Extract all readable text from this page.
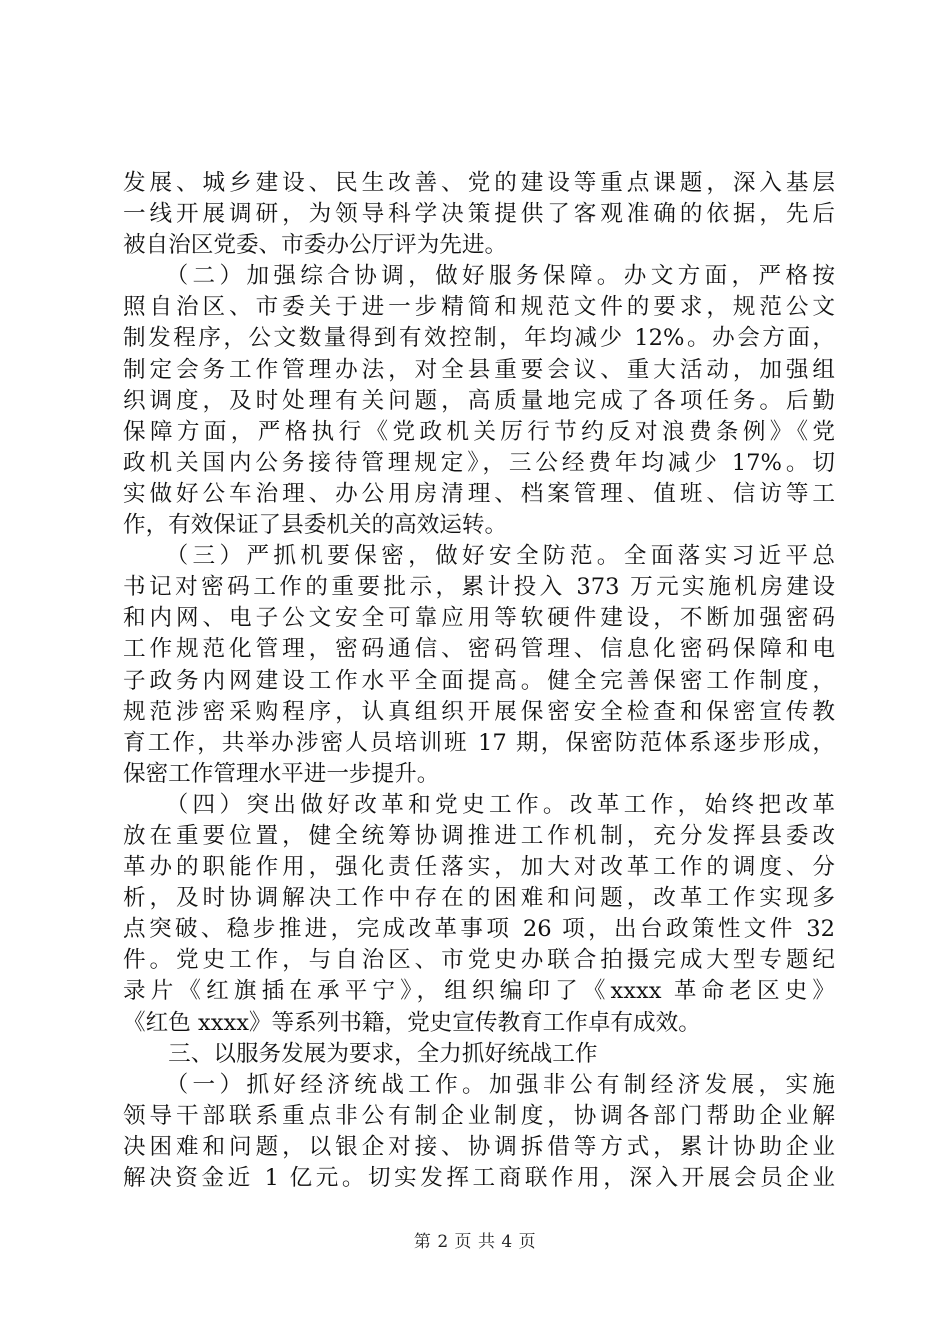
发展、城乡建设、民生改善、党的建设等重点课题，深入基层
一线开展调研，为领导科学决策提供了客观准确的依据，先后
被自治区党委、市委办公厅评为先进。
　　（二）加强综合协调，做好服务保障。办文方面，严格按
照自治区、市委关于进一步精简和规范文件的要求，规范公文
制发程序，公文数量得到有效控制，年均减少 12%。办会方面，
制定会务工作管理办法，对全县重要会议、重大活动，加强组
织调度，及时处理有关问题，高质量地完成了各项任务。后勤
保障方面，严格执行《党政机关厉行节约反对浪费条例》《党
政机关国内公务接待管理规定》，三公经费年均减少 17%。切
实做好公车治理、办公用房清理、档案管理、值班、信访等工
作，有效保证了县委机关的高效运转。
　　（三）严抓机要保密，做好安全防范。全面落实习近平总
书记对密码工作的重要批示，累计投入 373 万元实施机房建设
和内网、电子公文安全可靠应用等软硬件建设，不断加强密码
工作规范化管理，密码通信、密码管理、信息化密码保障和电
子政务内网建设工作水平全面提高。健全完善保密工作制度，
规范涉密采购程序，认真组织开展保密安全检查和保密宣传教
育工作，共举办涉密人员培训班 17 期，保密防范体系逐步形成，
保密工作管理水平进一步提升。
　　（四）突出做好改革和党史工作。改革工作，始终把改革
放在重要位置，健全统筹协调推进工作机制，充分发挥县委改
革办的职能作用，强化责任落实，加大对改革工作的调度、分
析，及时协调解决工作中存在的困难和问题，改革工作实现多
点突破、稳步推进，完成改革事项 26 项，出台政策性文件 32
件。党史工作，与自治区、市党史办联合拍摄完成大型专题纪
录片《红旗插在承平宁》，组织编印了《xxxx 革命老区史》
《红色 xxxx》等系列书籍，党史宣传教育工作卓有成效。
　　三、以服务发展为要求，全力抓好统战工作
　　（一）抓好经济统战工作。加强非公有制经济发展，实施
领导干部联系重点非公有制企业制度，协调各部门帮助企业解
决困难和问题，以银企对接、协调拆借等方式，累计协助企业
解决资金近 1 亿元。切实发挥工商联作用，深入开展会员企业
第 2 页 共 4 页
